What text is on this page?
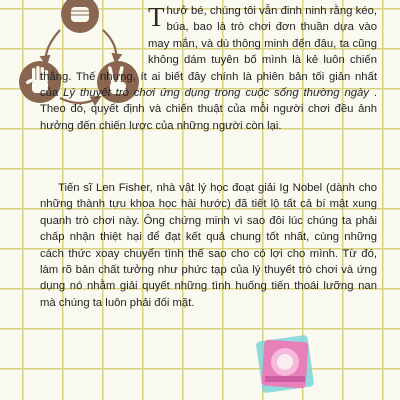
T hưở bé, chúng tôi vẫn đinh ninh rằng kéo, búa, bao là trò chơi đơn thuần dựa vào may mắn, và dù thông minh đến đâu, ta cũng không dám tuyên bố mình là kẻ luôn chiến thắng. Thế nhưng, ít ai biết đây chính là phiên bản tối giản nhất của Lý thuyết trò chơi ứng dụng trong cuộc sống thường ngày . Theo đó, quyết định và chiến thuật của mỗi người chơi đều ảnh hưởng đến chiến lược của những người còn lại.

Tiến sĩ Len Fisher, nhà vật lý học đoạt giải Ig Nobel (dành cho những thành tựu khoa học hài hước) đã tiết lộ tất cả bí mật xung quanh trò chơi này. Ông chứng minh vì sao đôi lúc chúng ta phải chấp nhận thiệt hại để đạt kết quả chung tốt nhất, cùng những cách thức xoay chuyển tình thế sao cho có lợi cho mình. Từ đó, làm rõ bản chất tưởng như phức tạp của lý thuyết trò chơi và ứng dụng nó nhằm giải quyết những tình huống tiến thoái lưỡng nan mà chúng ta luôn phải đối mặt.
